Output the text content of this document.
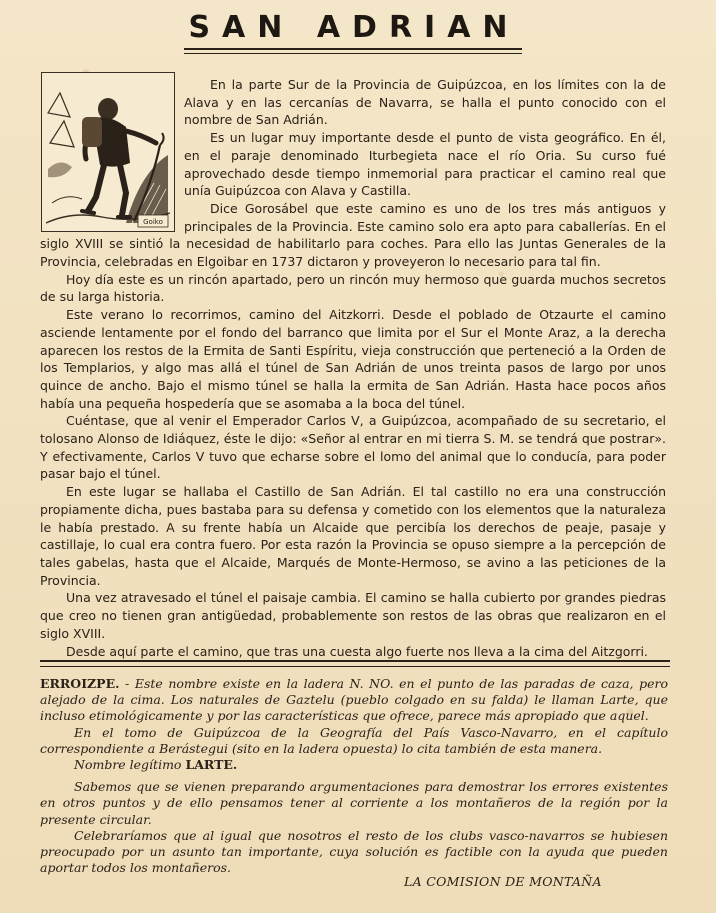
SAN ADRIAN
Goiko

En la parte Sur de la Provincia de Guipúzcoa, en los límites con la de Alava y en las cercanías de Navarra, se halla el punto conocido con el nombre de San Adrián.

Es un lugar muy importante desde el punto de vista geográfico. En él, en el paraje denominado Iturbegieta nace el río Oria. Su curso fué aprovechado desde tiempo inmemorial para practicar el camino real que unía Guipúzcoa con Alava y Castilla.

Dice Gorosábel que este camino es uno de los tres más antiguos y principales de la Provincia. Este camino solo era apto para caballerías. En el siglo XVIII se sintió la necesidad de habilitarlo para coches. Para ello las Juntas Generales de la Provincia, celebradas en Elgoibar en 1737 dictaron y proveyeron lo necesario para tal fin.

Hoy día este es un rincón apartado, pero un rincón muy hermoso que guarda muchos secretos de su larga historia.

Este verano lo recorrimos, camino del Aitzkorri. Desde el poblado de Otzaurte el camino asciende lentamente por el fondo del barranco que limita por el Sur el Monte Araz, a la derecha aparecen los restos de la Ermita de Santi Espíritu, vieja construcción que perteneció a la Orden de los Templarios, y algo mas allá el túnel de San Adrián de unos treinta pasos de largo por unos quince de ancho. Bajo el mismo túnel se halla la ermita de San Adrián. Hasta hace pocos años había una pequeña hospedería que se asomaba a la boca del túnel.

Cuéntase, que al venir el Emperador Carlos V, a Guipúzcoa, acompañado de su secretario, el tolosano Alonso de Idiáquez, éste le dijo: «Señor al entrar en mi tierra S. M. se tendrá que postrar». Y efectivamente, Carlos V tuvo que echarse sobre el lomo del animal que lo conducía, para poder pasar bajo el túnel.

En este lugar se hallaba el Castillo de San Adrián. El tal castillo no era una construcción propiamente dicha, pues bastaba para su defensa y cometido con los elementos que la naturaleza le había prestado. A su frente había un Alcaide que percibía los derechos de peaje, pasaje y castillaje, lo cual era contra fuero. Por esta razón la Provincia se opuso siempre a la percepción de tales gabelas, hasta que el Alcaide, Marqués de Monte-Hermoso, se avino a las peticiones de la Provincia.

Una vez atravesado el túnel el paisaje cambia. El camino se halla cubierto por grandes piedras que creo no tienen gran antigüedad, probablemente son restos de las obras que realizaron en el siglo XVIII.

Desde aquí parte el camino, que tras una cuesta algo fuerte nos lleva a la cima del Aitzgorri.

ERROIZPE. - Este nombre existe en la ladera N. NO. en el punto de las paradas de caza, pero alejado de la cima. Los naturales de Gaztelu (pueblo colgado en su falda) le llaman Larte, que incluso etimológicamente y por las características que ofrece, parece más apropiado que aquel.

En el tomo de Guipúzcoa de la Geografía del País Vasco-Navarro, en el capítulo correspondiente a Berástegui (sito en la ladera opuesta) lo cita también de esta manera.

Nombre legítimo LARTE.

Sabemos que se vienen preparando argumentaciones para demostrar los errores existentes en otros puntos y de ello pensamos tener al corriente a los montañeros de la región por la presente circular.

Celebraríamos que al igual que nosotros el resto de los clubs vasco-navarros se hubiesen preocupado por un asunto tan importante, cuya solución es factible con la ayuda que pueden aportar todos los montañeros.

LA COMISION DE MONTAÑA
